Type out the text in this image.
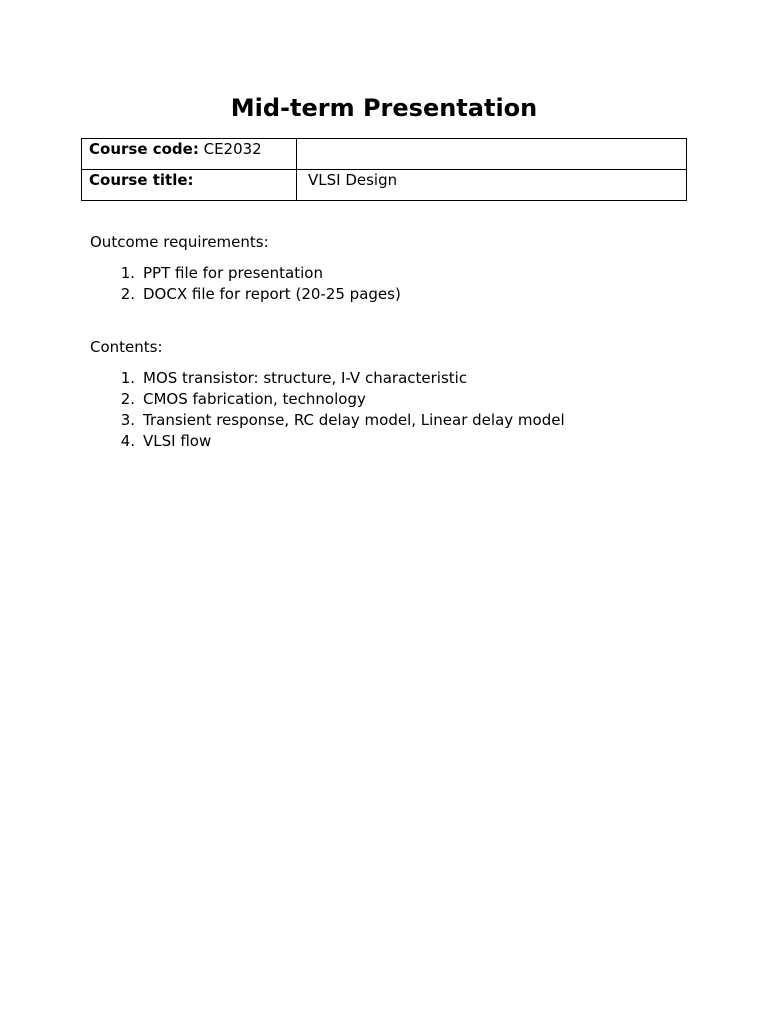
Mid-term Presentation
Course code: CE2032	
Course title:	VLSI Design

Outcome requirements:

1. PPT file for presentation
2. DOCX file for report (20-25 pages)

Contents:

1. MOS transistor: structure, I-V characteristic
2. CMOS fabrication, technology
3. Transient response, RC delay model, Linear delay model
4. VLSI flow
